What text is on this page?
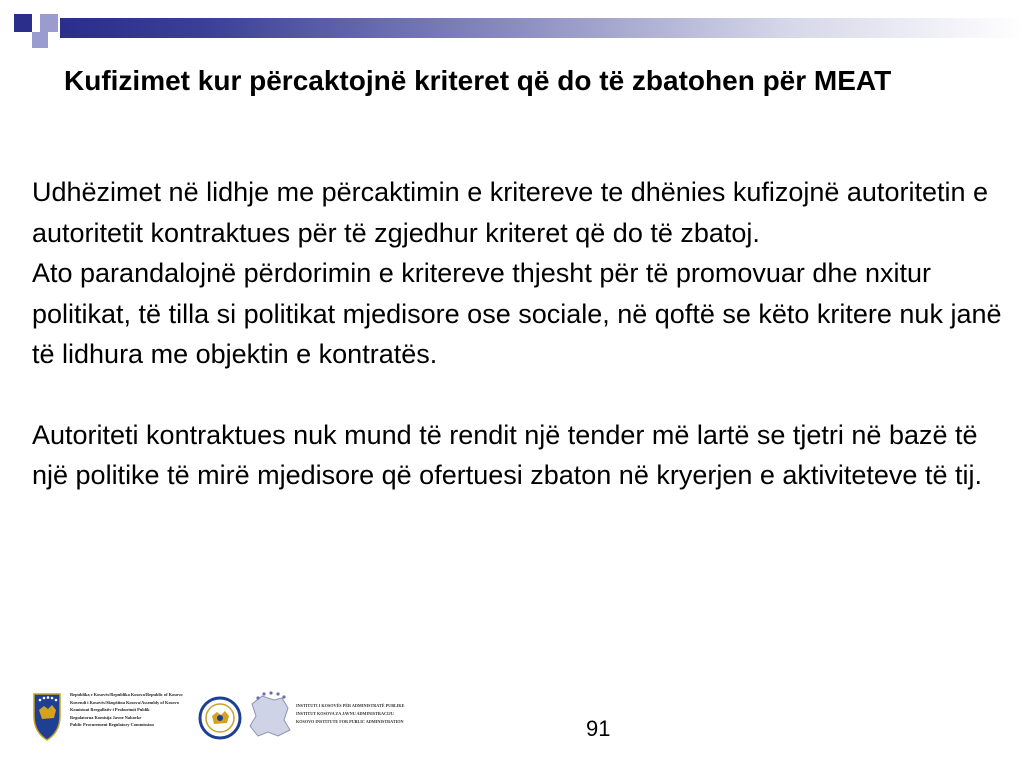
Kufizimet kur përcaktojnë kriteret që do të zbatohen për MEAT

Udhëzimet në lidhje me përcaktimin e kritereve te dhënies kufizojnë autoritetin e autoritetit kontraktues për të zgjedhur kriteret që do të zbatoj.

Ato parandalojnë përdorimin e kritereve thjesht për të promovuar dhe nxitur politikat, të tilla si politikat mjedisore ose sociale, në qoftë se këto kritere nuk janë të lidhura me objektin e kontratës.

Autoriteti kontraktues nuk mund të rendit një tender më lartë se tjetri në bazë të një politike të mirë mjedisore që ofertuesi zbaton në kryerjen e aktiviteteve të tij.

Republika e Kosovës/Republika Kosova/Republic of Kosovo
Kuvendi i Kosovës/Skupština Kosova/Assembly of Kosovo
Komisioni Rregullativ i Prokurimit Publik
Regulatorna Komisija Javne Nabavke
Public Procurement Regulatory Commission
INSTITUTI I KOSOVËS PËR ADMINISTRATË PUBLIKE
INSTITUT KOSOVA ZA JAVNU ADMINISTRACIJU
KOSOVO INSTITUTE FOR PUBLIC ADMINISTRATION	91
